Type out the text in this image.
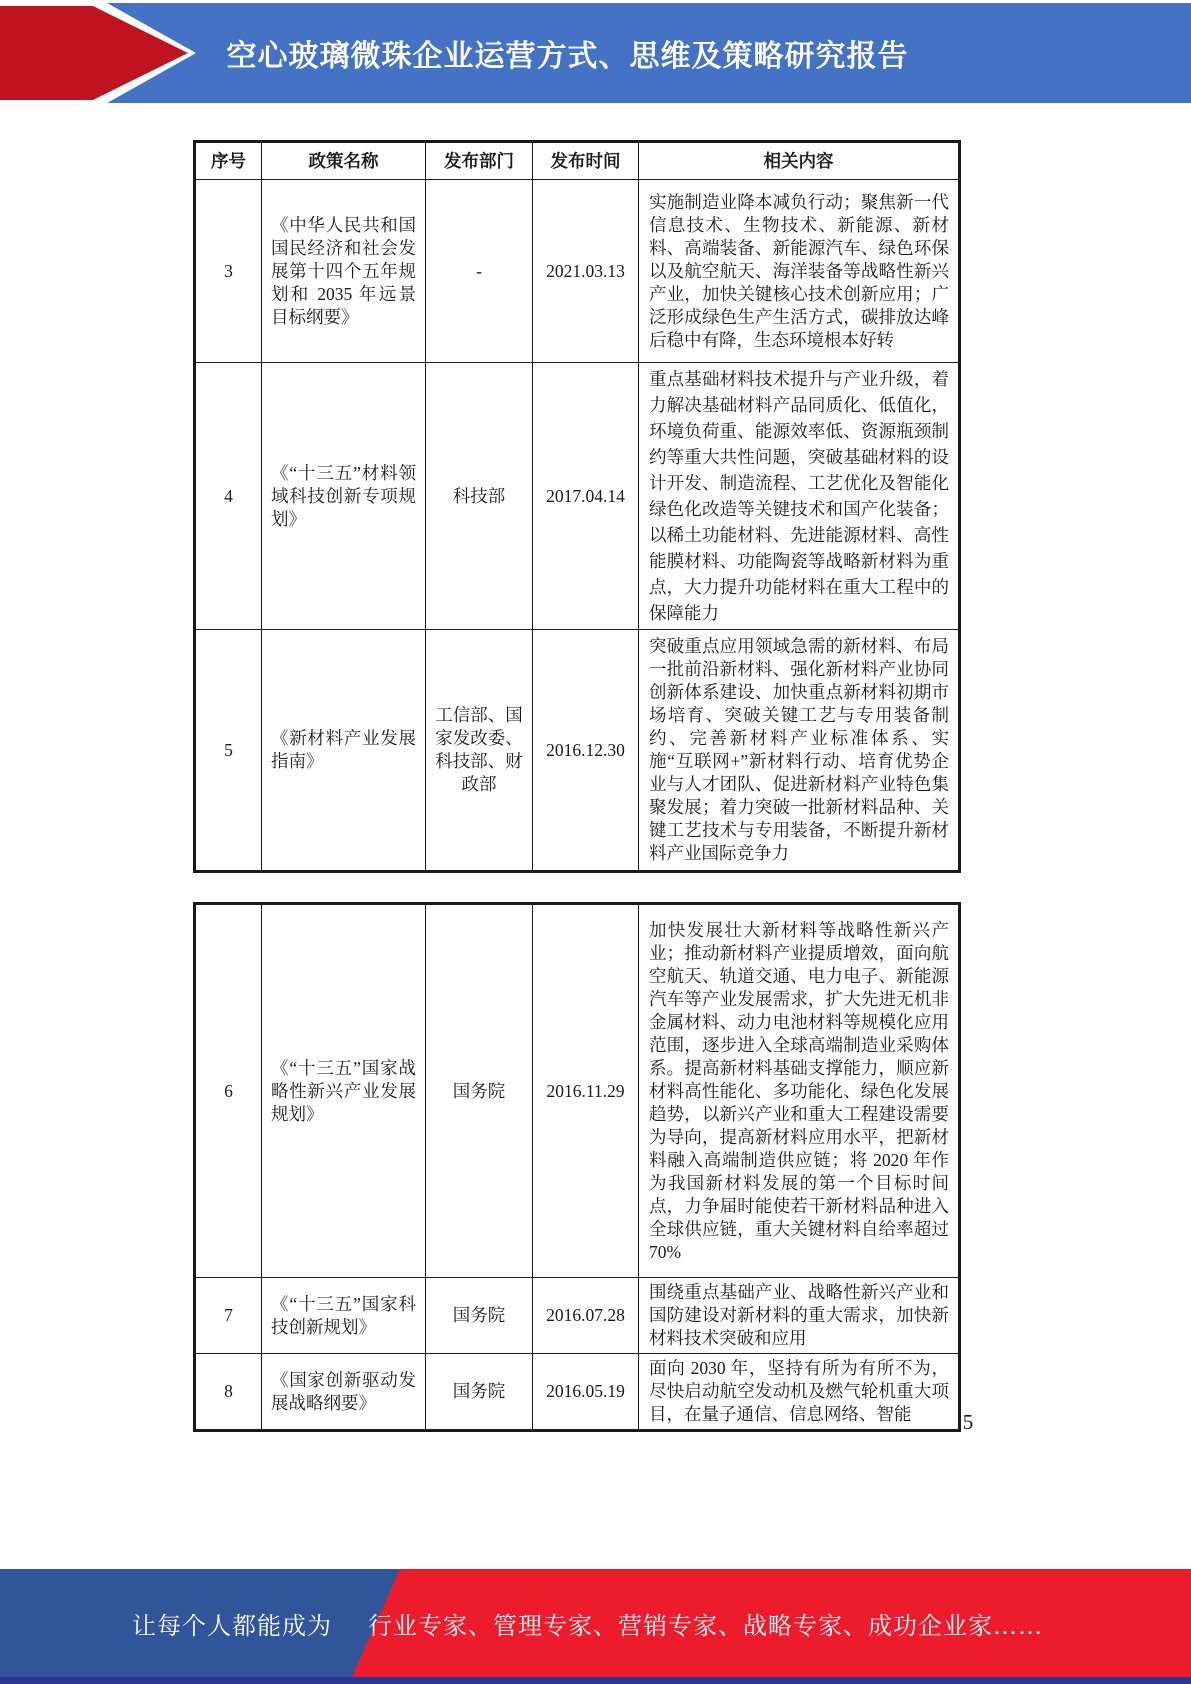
空心玻璃微珠企业运营方式、思维及策略研究报告
序号	政策名称	发布部门	发布时间	相关内容
3	《中华人民共和国国民经济和社会发展第十四个五年规划和 2035 年远景目标纲要》	-	2021.03.13	实施制造业降本减负行动；聚焦新一代信息技术、生物技术、新能源、新材料、高端装备、新能源汽车、绿色环保以及航空航天、海洋装备等战略性新兴产业，加快关键核心技术创新应用；广泛形成绿色生产生活方式，碳排放达峰后稳中有降，生态环境根本好转
4	《“十三五”材料领域科技创新专项规划》	科技部	2017.04.14	重点基础材料技术提升与产业升级，着力解决基础材料产品同质化、低值化，环境负荷重、能源效率低、资源瓶颈制约等重大共性问题，突破基础材料的设计开发、制造流程、工艺优化及智能化绿色化改造等关键技术和国产化装备；以稀土功能材料、先进能源材料、高性能膜材料、功能陶瓷等战略新材料为重点，大力提升功能材料在重大工程中的保障能力
5	《新材料产业发展指南》	工信部、国家发改委、科技部、财政部	2016.12.30	突破重点应用领域急需的新材料、布局一批前沿新材料、强化新材料产业协同创新体系建设、加快重点新材料初期市场培育、突破关键工艺与专用装备制约、完善新材料产业标准体系、实施“互联网+”新材料行动、培育优势企业与人才团队、促进新材料产业特色集聚发展；着力突破一批新材料品种、关键工艺技术与专用装备，不断提升新材料产业国际竞争力
6	《“十三五”国家战略性新兴产业发展规划》	国务院	2016.11.29	加快发展壮大新材料等战略性新兴产业；推动新材料产业提质增效，面向航空航天、轨道交通、电力电子、新能源汽车等产业发展需求，扩大先进无机非金属材料、动力电池材料等规模化应用范围，逐步进入全球高端制造业采购体系。提高新材料基础支撑能力，顺应新材料高性能化、多功能化、绿色化发展趋势，以新兴产业和重大工程建设需要为导向，提高新材料应用水平，把新材料融入高端制造供应链；将 2020 年作为我国新材料发展的第一个目标时间点，力争届时能使若干新材料品种进入全球供应链，重大关键材料自给率超过 70%
7	《“十三五”国家科技创新规划》	国务院	2016.07.28	围绕重点基础产业、战略性新兴产业和国防建设对新材料的重大需求，加快新材料技术突破和应用
8	《国家创新驱动发展战略纲要》	国务院	2016.05.19	面向 2030 年，坚持有所为有所不为，尽快启动航空发动机及燃气轮机重大项目，在量子通信、信息网络、智能	5
让每个人都能成为 行业专家、管理专家、营销专家、战略专家、成功企业家……
